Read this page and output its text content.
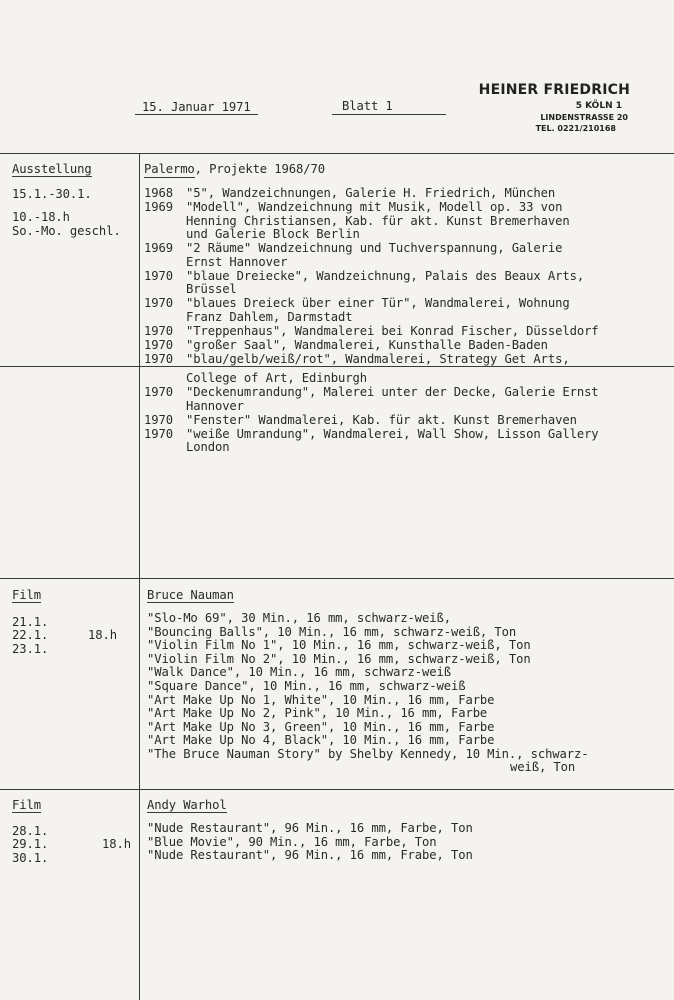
15. Januar 1971	Blatt 1
HEINER FRIEDRICH
5 KÖLN 1
LINDENSTRASSE 20
TEL. 0221/210168
Ausstellung
15.1.-30.1.
10.-18.h
So.-Mo. geschl.
Palermo, Projekte 1968/70
1968 "5", Wandzeichnungen, Galerie H. Friedrich, München
1969 "Modell", Wandzeichnung mit Musik, Modell op. 33 von
Henning Christiansen, Kab. für akt. Kunst Bremerhaven
und Galerie Block Berlin
1969 "2 Räume" Wandzeichnung und Tuchverspannung, Galerie
Ernst Hannover
1970 "blaue Dreiecke", Wandzeichnung, Palais des Beaux Arts,
Brüssel
1970 "blaues Dreieck über einer Tür", Wandmalerei, Wohnung
Franz Dahlem, Darmstadt
1970 "Treppenhaus", Wandmalerei bei Konrad Fischer, Düsseldorf
1970 "großer Saal", Wandmalerei, Kunsthalle Baden-Baden
1970 "blau/gelb/weiß/rot", Wandmalerei, Strategy Get Arts,
College of Art, Edinburgh
1970 "Deckenumrandung", Malerei unter der Decke, Galerie Ernst
Hannover
1970 "Fenster" Wandmalerei, Kab. für akt. Kunst Bremerhaven
1970 "weiße Umrandung", Wandmalerei, Wall Show, Lisson Gallery
London
Film
21.1.
22.1.
23.1.
18.h
Bruce Nauman
"Slo-Mo 69", 30 Min., 16 mm, schwarz-weiß,
"Bouncing Balls", 10 Min., 16 mm, schwarz-weiß, Ton
"Violin Film No 1", 10 Min., 16 mm, schwarz-weiß, Ton
"Violin Film No 2", 10 Min., 16 mm, schwarz-weiß, Ton
"Walk Dance", 10 Min., 16 mm, schwarz-weiß
"Square Dance", 10 Min., 16 mm, schwarz-weiß
"Art Make Up No 1, White", 10 Min., 16 mm, Farbe
"Art Make Up No 2, Pink", 10 Min., 16 mm, Farbe
"Art Make Up No 3, Green", 10 Min., 16 mm, Farbe
"Art Make Up No 4, Black", 10 Min., 16 mm, Farbe
"The Bruce Nauman Story" by Shelby Kennedy, 10 Min., schwarz-
weiß, Ton
Film
28.1.
29.1.
30.1.
18.h
Andy Warhol
"Nude Restaurant", 96 Min., 16 mm, Farbe, Ton
"Blue Movie", 90 Min., 16 mm, Farbe, Ton
"Nude Restaurant", 96 Min., 16 mm, Frabe, Ton
